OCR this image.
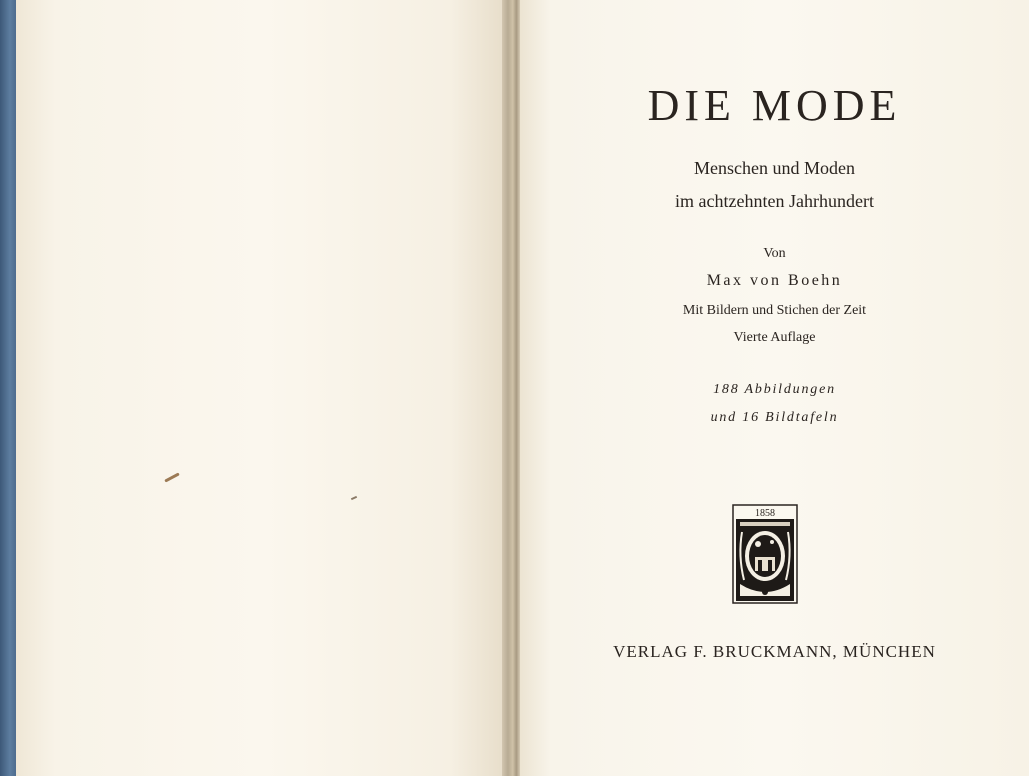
DIE MODE
Menschen und Moden
im achtzehnten Jahrhundert
Von
Max von Boehn
Mit Bildern und Stichen der Zeit
Vierte Auflage
188 Abbildungen
und 16 Bildtafeln
1858
VERLAG F. BRUCKMANN, MÜNCHEN
